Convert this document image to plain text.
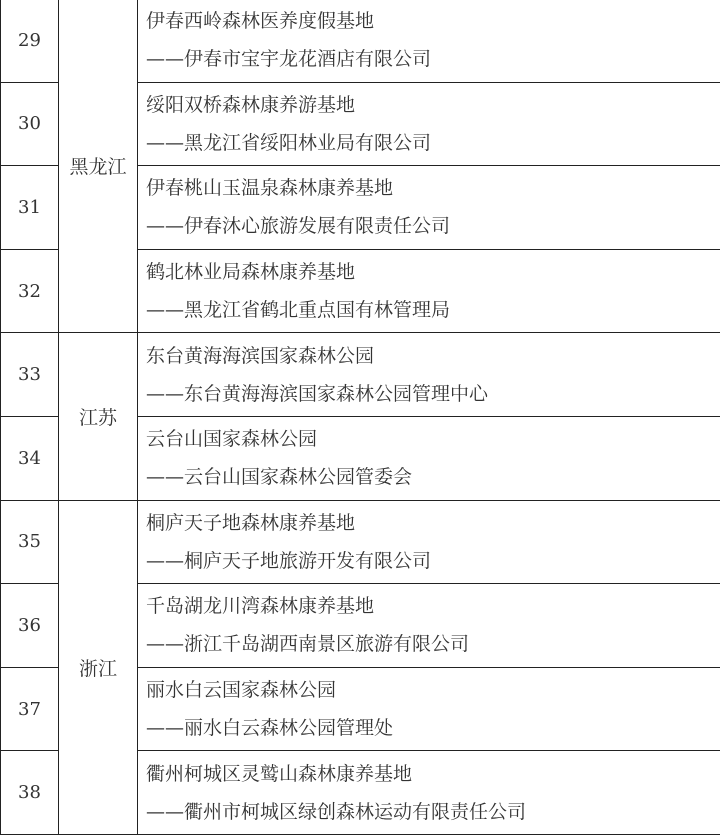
29	黑龙江	伊春西岭森林医养度假基地
——伊春市宝宇龙花酒店有限公司

30		绥阳双桥森林康养游基地
——黑龙江省绥阳林业局有限公司

31		伊春桃山玉温泉森林康养基地
——伊春沐心旅游发展有限责任公司

32		鹤北林业局森林康养基地
——黑龙江省鹤北重点国有林管理局

33	江苏	东台黄海海滨国家森林公园
——东台黄海海滨国家森林公园管理中心

34		云台山国家森林公园
——云台山国家森林公园管委会

35	浙江	桐庐天子地森林康养基地
——桐庐天子地旅游开发有限公司

36		千岛湖龙川湾森林康养基地
——浙江千岛湖西南景区旅游有限公司

37		丽水白云国家森林公园
——丽水白云森林公园管理处

38		衢州柯城区灵鹫山森林康养基地
——衢州市柯城区绿创森林运动有限责任公司
